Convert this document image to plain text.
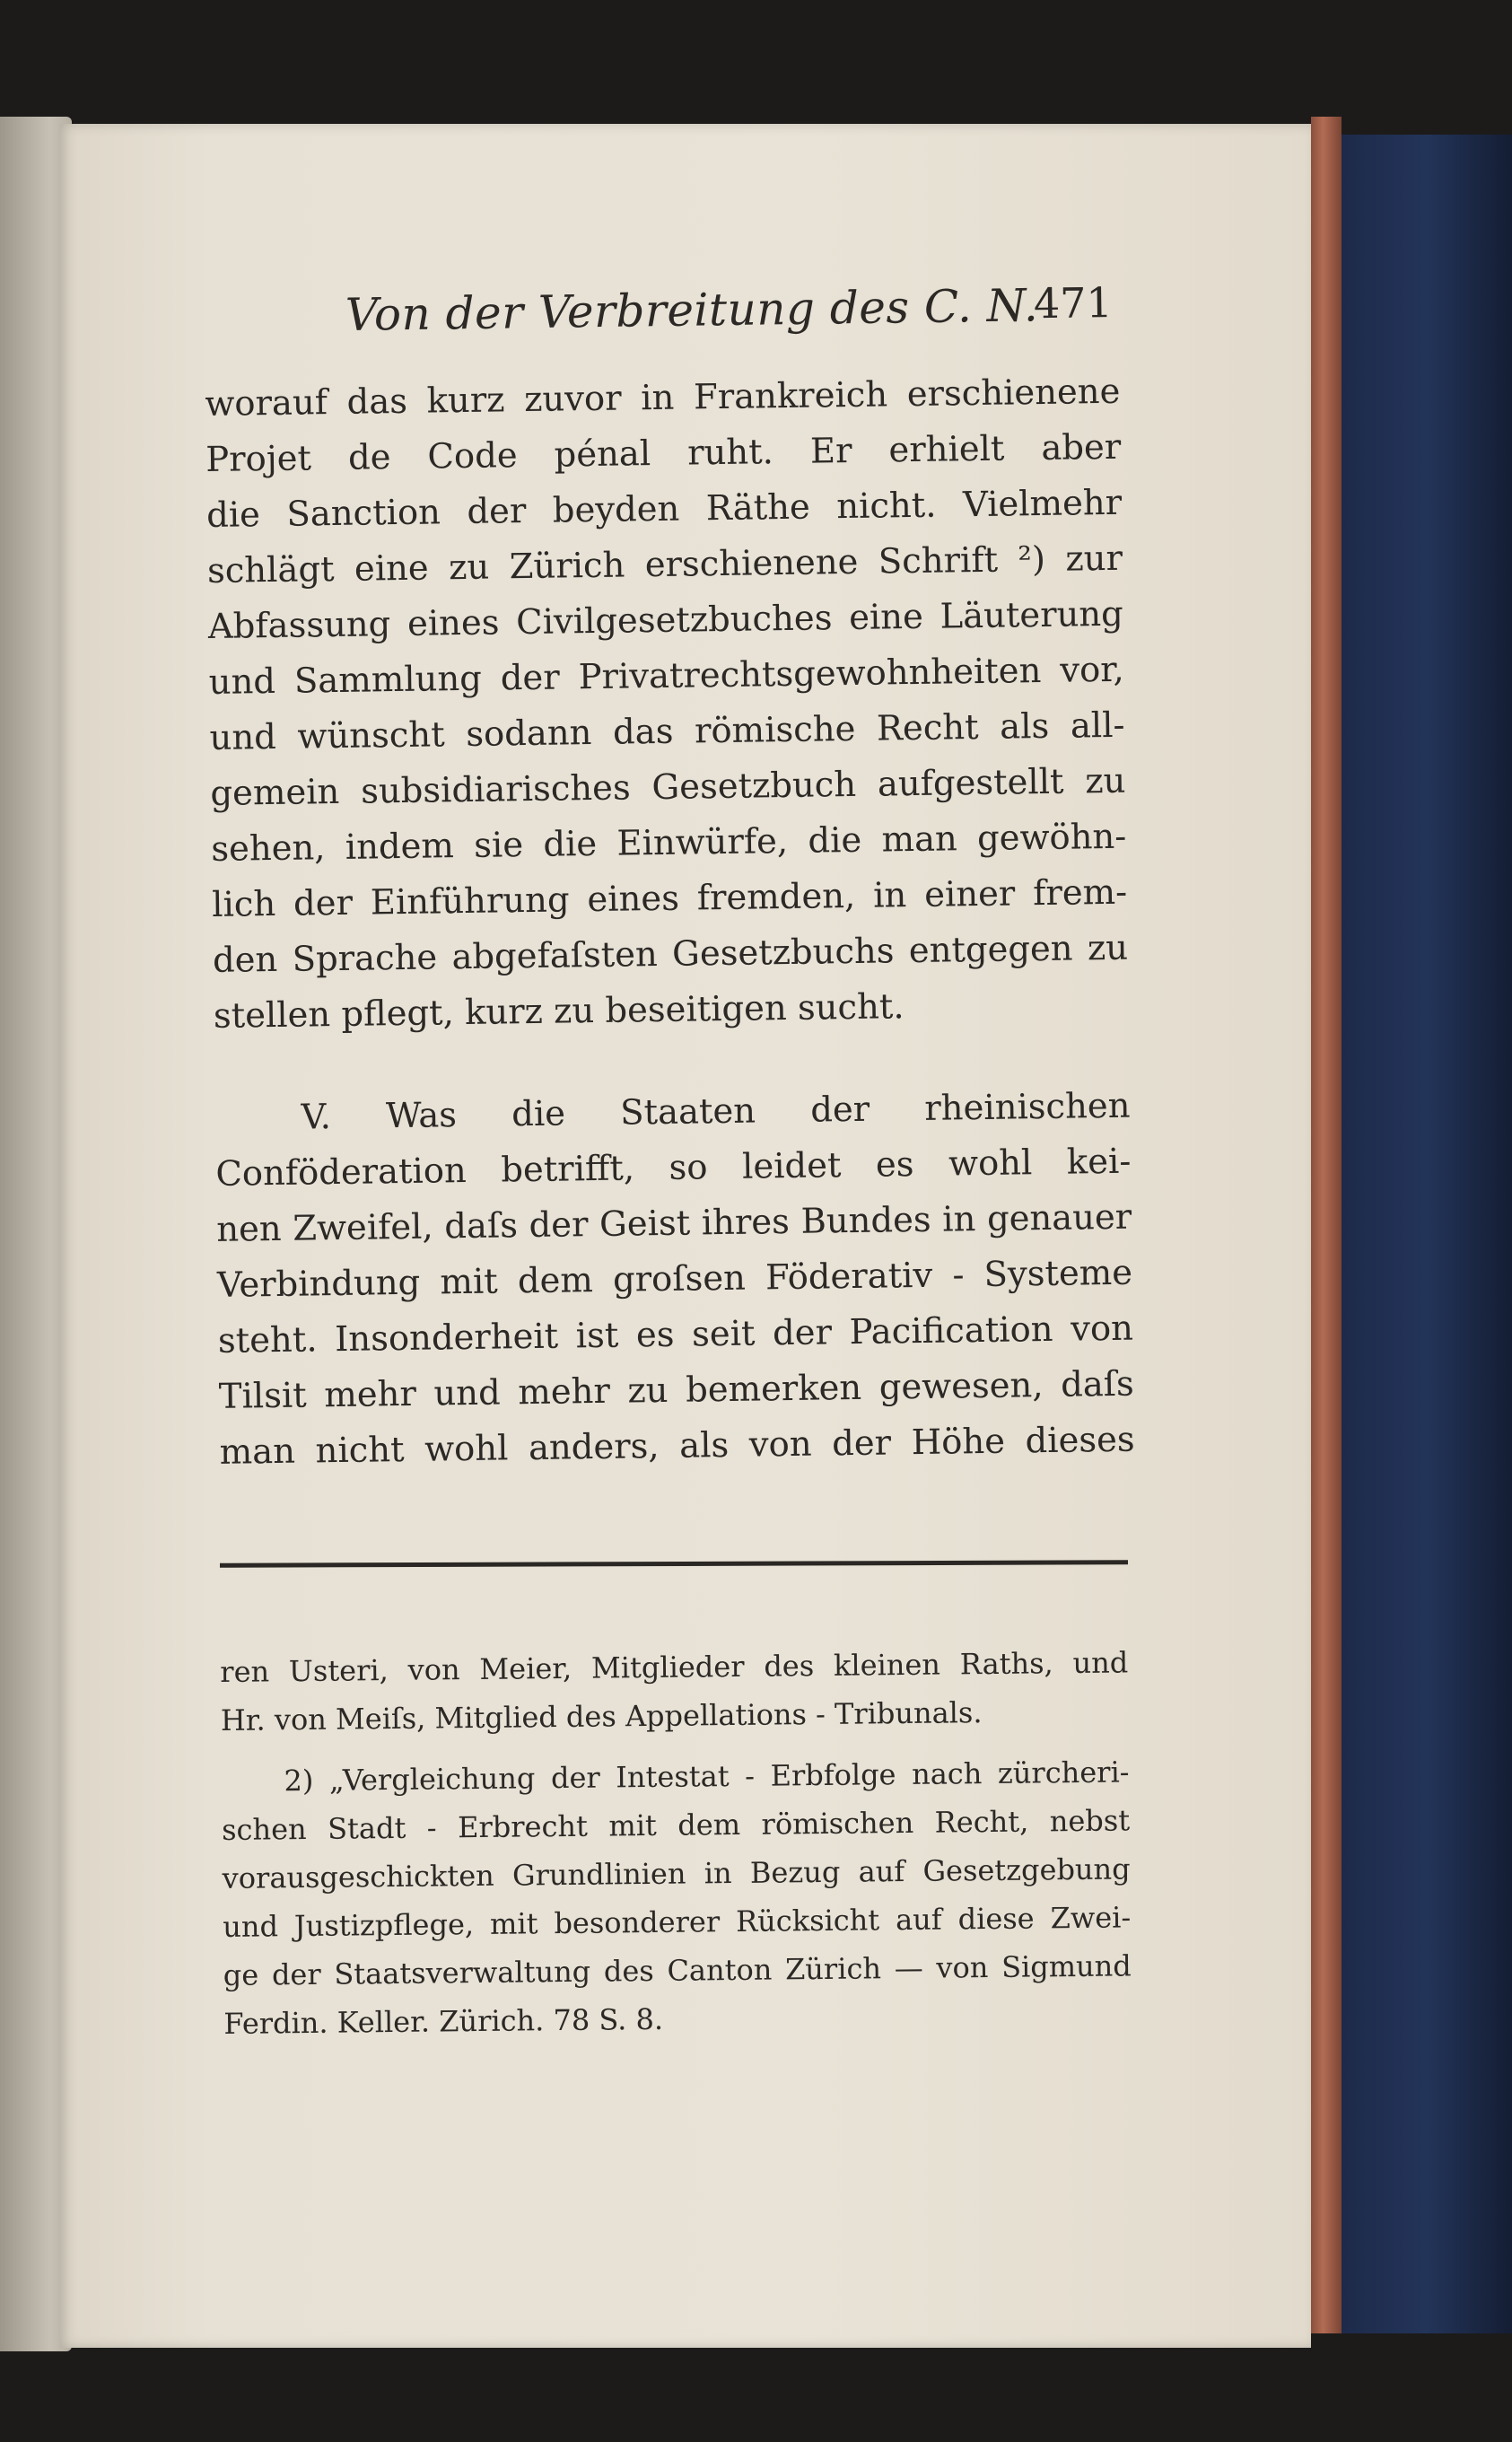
Von der Verbreitung des C. N.
471
worauf das kurz zuvor in Frankreich erschienene
Projet de Code pénal ruht. Er erhielt aber
die Sanction der beyden Räthe nicht. Vielmehr
schlägt eine zu Zürich erschienene Schrift ²) zur
Abfassung eines Civilgesetzbuches eine Läuterung
und Sammlung der Privatrechtsgewohnheiten vor,
und wünscht sodann das römische Recht als all-
gemein subsidiarisches Gesetzbuch aufgestellt zu
sehen, indem sie die Einwürfe, die man gewöhn-
lich der Einführung eines fremden, in einer frem-
den Sprache abgefaſsten Gesetzbuchs entgegen zu
stellen pflegt, kurz zu beseitigen sucht.
V. Was die Staaten der rheinischen
Conföderation betrifft, so leidet es wohl kei-
nen Zweifel, daſs der Geist ihres Bundes in genauer
Verbindung mit dem groſsen Föderativ - Systeme
steht. Insonderheit ist es seit der Pacification von
Tilsit mehr und mehr zu bemerken gewesen, daſs
man nicht wohl anders, als von der Höhe dieses
ren Usteri, von Meier, Mitglieder des kleinen Raths, und
Hr. von Meiſs, Mitglied des Appellations - Tribunals.
2) „Vergleichung der Intestat - Erbfolge nach zürcheri-
schen Stadt - Erbrecht mit dem römischen Recht, nebst
vorausgeschickten Grundlinien in Bezug auf Gesetzgebung
und Justizpflege, mit besonderer Rücksicht auf diese Zwei-
ge der Staatsverwaltung des Canton Zürich — von Sigmund
Ferdin. Keller. Zürich. 78 S. 8.
